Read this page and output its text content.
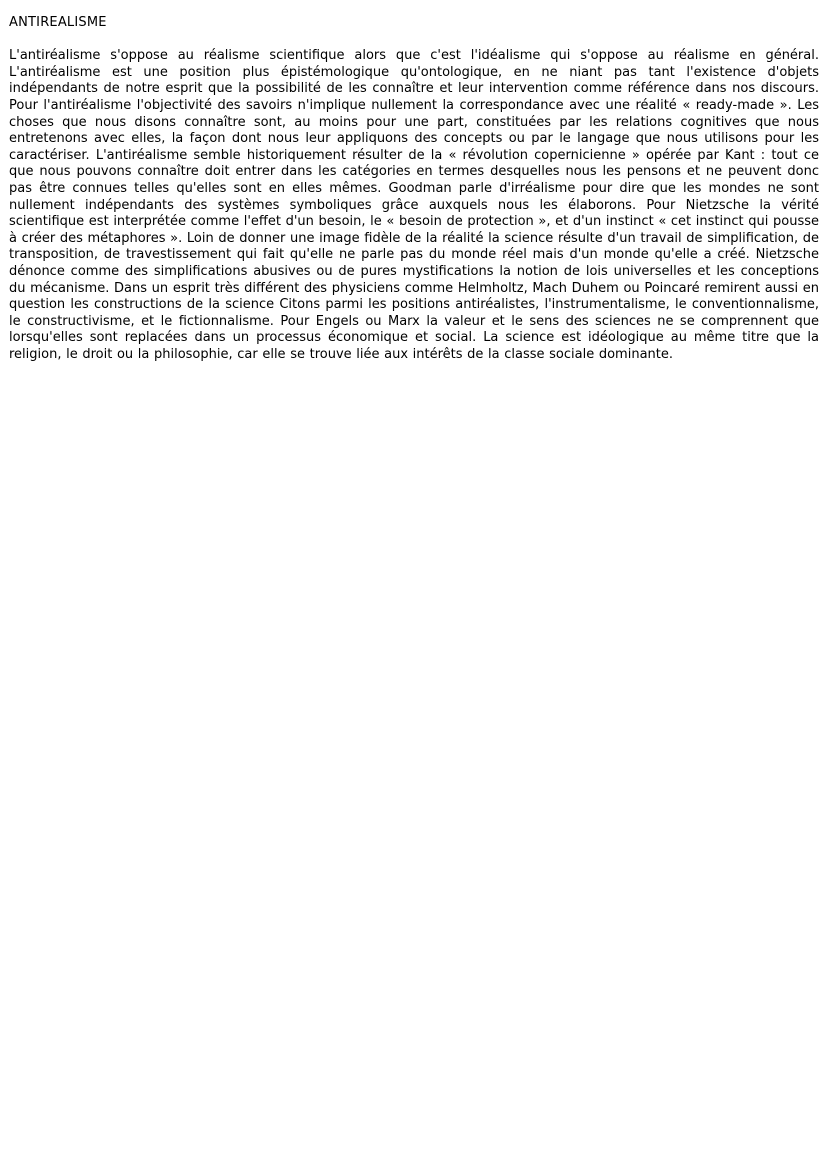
ANTIREALISME

L'antiréalisme s'oppose au réalisme scientifique alors que c'est l'idéalisme qui s'oppose au réalisme en général. L'antiréalisme est une position plus épistémologique qu'ontologique, en ne niant pas tant l'existence d'objets indépendants de notre esprit que la possibilité de les connaître et leur intervention comme référence dans nos discours. Pour l'antiréalisme l'objectivité des savoirs n'implique nullement la correspondance avec une réalité « ready-made ». Les choses que nous disons connaître sont, au moins pour une part, constituées par les relations cognitives que nous entretenons avec elles, la façon dont nous leur appliquons des concepts ou par le langage que nous utilisons pour les caractériser. L'antiréalisme semble historiquement résulter de la « révolution copernicienne » opérée par Kant : tout ce que nous pouvons connaître doit entrer dans les catégories en termes desquelles nous les pensons et ne peuvent donc pas être connues telles qu'elles sont en elles mêmes. Goodman parle d'irréalisme pour dire que les mondes ne sont nullement indépendants des systèmes symboliques grâce auxquels nous les élaborons. Pour Nietzsche la vérité scientifique est interprétée comme l'effet d'un besoin, le « besoin de protection », et d'un instinct « cet instinct qui pousse à créer des métaphores ». Loin de donner une image fidèle de la réalité la science résulte d'un travail de simplification, de transposition, de travestissement qui fait qu'elle ne parle pas du monde réel mais d'un monde qu'elle a créé. Nietzsche dénonce comme des simplifications abusives ou de pures mystifications la notion de lois universelles et les conceptions du mécanisme. Dans un esprit très différent des physiciens comme Helmholtz, Mach Duhem ou Poincaré remirent aussi en question les constructions de la science Citons parmi les positions antiréalistes, l'instrumentalisme, le conventionnalisme, le constructivisme, et le fictionnalisme. Pour Engels ou Marx la valeur et le sens des sciences ne se comprennent que lorsqu'elles sont replacées dans un processus économique et social. La science est idéologique au même titre que la religion, le droit ou la philosophie, car elle se trouve liée aux intérêts de la classe sociale dominante.
